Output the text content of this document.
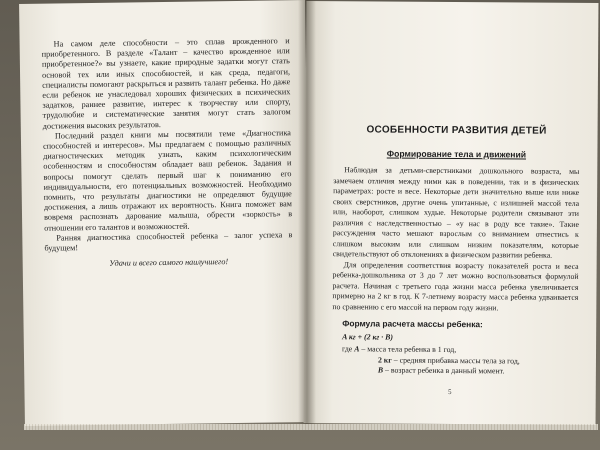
На самом деле способности – это сплав врожденного и приобретенного. В разделе «Талант – качество врожденное или приобретенное?» вы узнаете, какие природные задатки могут стать основой тех или иных способностей, и как среда, педагоги, специалисты помогают раскрыться и развить талант ребенка. Но даже если ребенок не унаследовал хороших физических в психических задатков, раннее развитие, интерес к творчеству или спорту, трудолюбие и систематические занятия могут стать залогом достижения высоких результатов.

Последний раздел книги мы посвятили теме «Диагностика способностей и интересов». Мы предлагаем с помощью различных диагностических методик узнать, каким психологическим особенностям и способностям обладает ваш ребенок. Задания и вопросы помогут сделать первый шаг к пониманию его индивидуальности, его потенциальных возможностей. Необходимо помнить, что результаты диагностики не определяют будущие достижения, а лишь отражают их вероятность. Книга поможет вам вовремя распознать дарование малыша, обрести «зоркость» в отношении его талантов и возможностей.

Ранняя диагностика способностей ребенка – залог успеха в будущем!

Удачи и всего самого наилучшего!

ОСОБЕННОСТИ РАЗВИТИЯ ДЕТЕЙ
Формирование тела и движений

Наблюдая за детьми-сверстниками дошкольного возраста, мы замечаем отличия между ними как в поведении, так и в физических параметрах: росте и весе. Некоторые дети значительно выше или ниже своих сверстников, другие очень упитанные, с излишней массой тела или, наоборот, слишком худые. Некоторые родители связывают эти различия с наследственностью – «у нас в роду все такие». Такие рассуждения часто мешают взрослым со вниманием отнестись к слишком высоким или слишком низким показателям, которые свидетельствуют об отклонениях в физическом развитии ребенка.

Для определения соответствия возрасту показателей роста и веса ребенка-дошкольника от 3 до 7 лет можно воспользоваться формулой расчета. Начиная с третьего года жизни масса ребенка увеличивается примерно на 2 кг в год. К 7-летнему возрасту масса ребенка удваивается по сравнению с его массой на первом году жизни.

Формула расчета массы ребенка:
A кг + (2 кг · B)
где A – масса тела ребенка в 1 год,
2 кг – средняя прибавка массы тела за год,
B – возраст ребенка в данный момент.
5
